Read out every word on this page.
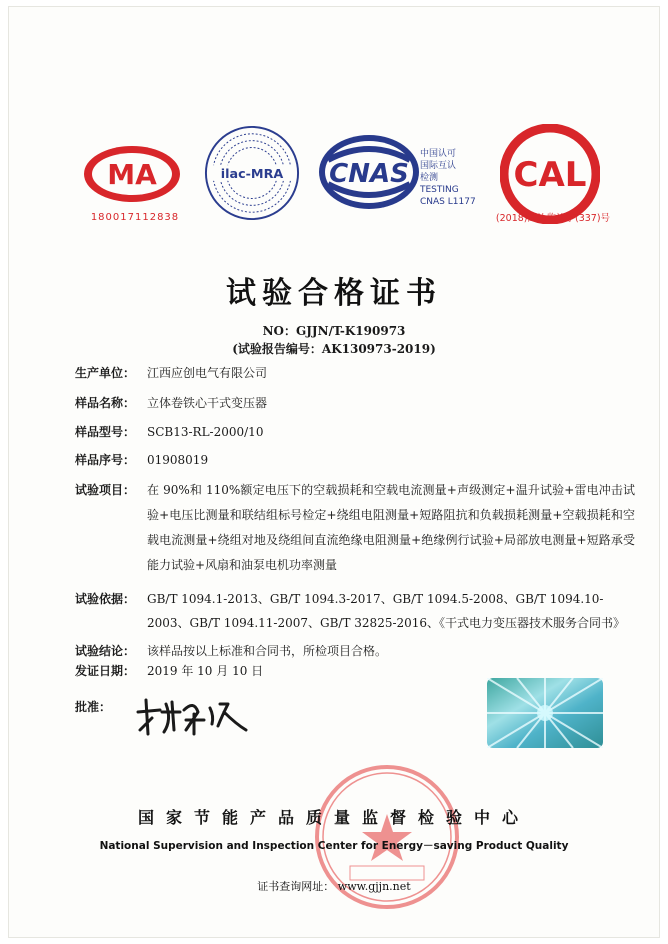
MA
180017112838
ilac-MRA CNAS
中国认可
国际互认
检测
TESTING
CNAS L1177
CAL
(2018)国认监认字(337)号
试验合格证书
NO：GJJN/T-K190973
(试验报告编号：AK130973-2019)
生产单位： 江西应创电气有限公司
样品名称： 立体卷铁心干式变压器
样品型号： SCB13-RL-2000/10
样品序号： 01908019
试验项目： 在 90%和 110%额定电压下的空载损耗和空载电流测量+声级测定+温升试验+雷电冲击试验+电压比测量和联结组标号检定+绕组电阻测量+短路阻抗和负载损耗测量+空载损耗和空载电流测量+绕组对地及绕组间直流绝缘电阻测量+绝缘例行试验+局部放电测量+短路承受能力试验+风扇和油泵电机功率测量
试验依据： GB/T 1094.1-2013、GB/T 1094.3-2017、GB/T 1094.5-2008、GB/T 1094.10-2003、GB/T 1094.11-2007、GB/T 32825-2016、《干式电力变压器技术服务合同书》
试验结论： 该样品按以上标准和合同书，所检项目合格。
发证日期： 2019 年 10 月 10 日
批准：
国家节能产品质量监督检验中心
National Supervision and Inspection Center for Energy－saving Product Quality
证书查询网址： www.gjjn.net
